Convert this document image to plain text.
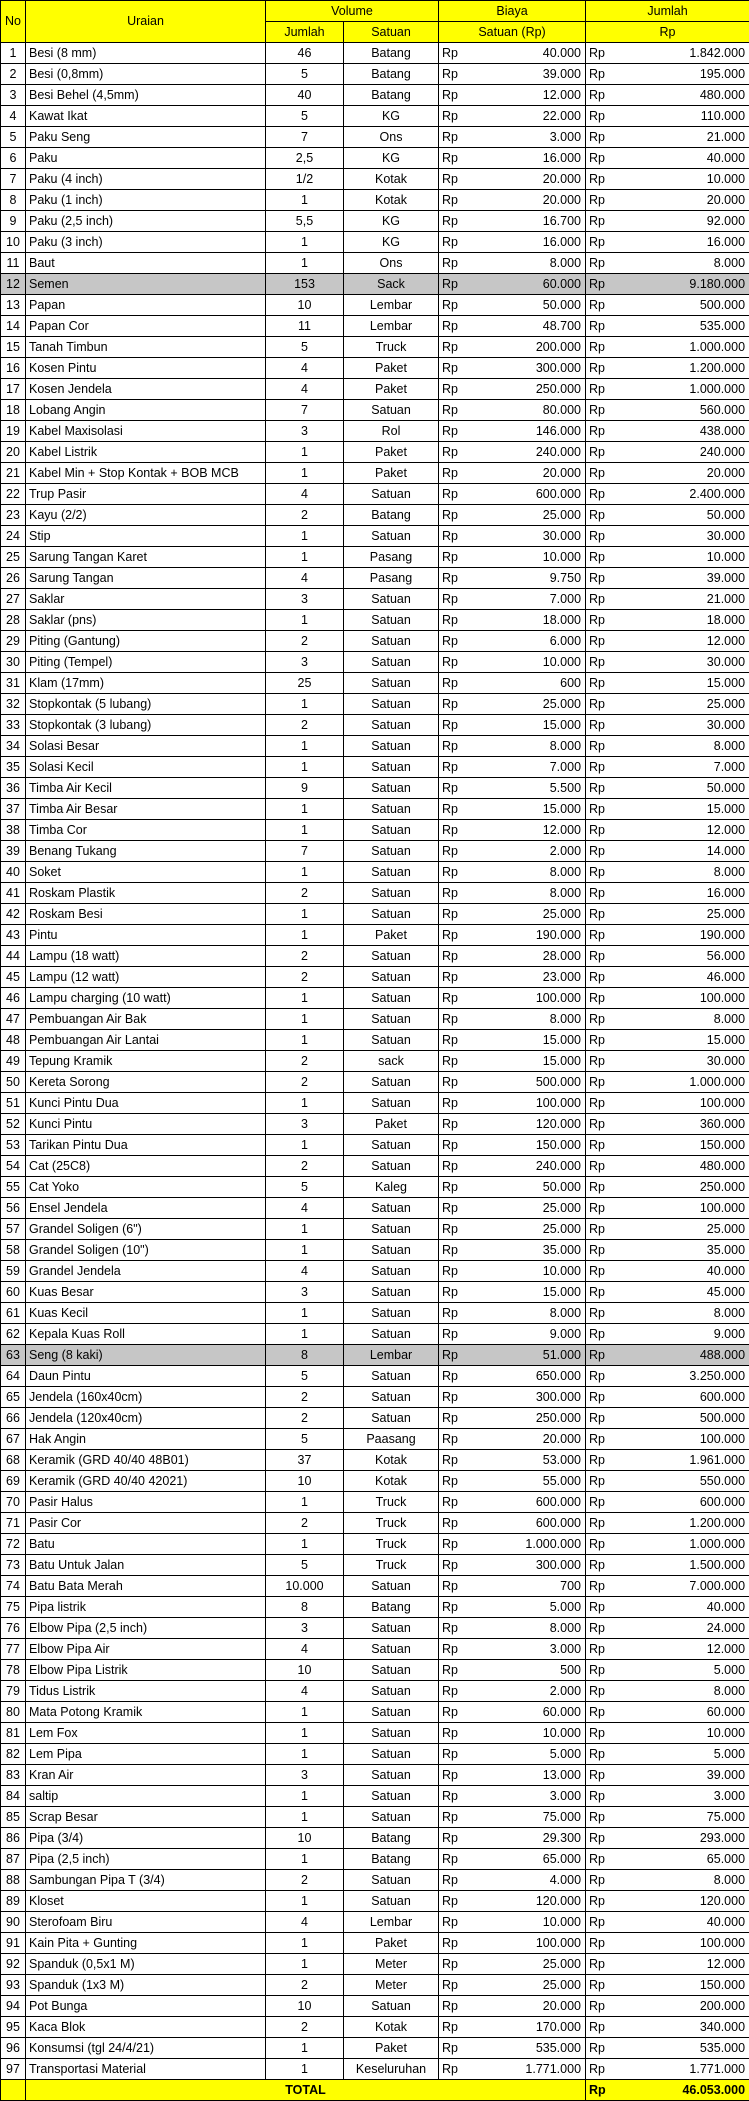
No	Uraian	Volume		Biaya		Jumlah	
		Jumlah	Satuan	Satuan (Rp)		Rp	
1	Besi (8 mm)	46	Batang	Rp	40.000	Rp	1.842.000
2	Besi (0,8mm)	5	Batang	Rp	39.000	Rp	195.000
3	Besi Behel (4,5mm)	40	Batang	Rp	12.000	Rp	480.000
4	Kawat Ikat	5	KG	Rp	22.000	Rp	110.000
5	Paku Seng	7	Ons	Rp	3.000	Rp	21.000
6	Paku	2,5	KG	Rp	16.000	Rp	40.000
7	Paku (4 inch)	1/2	Kotak	Rp	20.000	Rp	10.000
8	Paku (1 inch)	1	Kotak	Rp	20.000	Rp	20.000
9	Paku (2,5 inch)	5,5	KG	Rp	16.700	Rp	92.000
10	Paku (3 inch)	1	KG	Rp	16.000	Rp	16.000
11	Baut	1	Ons	Rp	8.000	Rp	8.000
12	Semen	153	Sack	Rp	60.000	Rp	9.180.000
13	Papan	10	Lembar	Rp	50.000	Rp	500.000
14	Papan Cor	11	Lembar	Rp	48.700	Rp	535.000
15	Tanah Timbun	5	Truck	Rp	200.000	Rp	1.000.000
16	Kosen Pintu	4	Paket	Rp	300.000	Rp	1.200.000
17	Kosen Jendela	4	Paket	Rp	250.000	Rp	1.000.000
18	Lobang Angin	7	Satuan	Rp	80.000	Rp	560.000
19	Kabel Maxisolasi	3	Rol	Rp	146.000	Rp	438.000
20	Kabel Listrik	1	Paket	Rp	240.000	Rp	240.000
21	Kabel Min + Stop Kontak + BOB MCB	1	Paket	Rp	20.000	Rp	20.000
22	Trup Pasir	4	Satuan	Rp	600.000	Rp	2.400.000
23	Kayu (2/2)	2	Batang	Rp	25.000	Rp	50.000
24	Stip	1	Satuan	Rp	30.000	Rp	30.000
25	Sarung Tangan Karet	1	Pasang	Rp	10.000	Rp	10.000
26	Sarung Tangan	4	Pasang	Rp	9.750	Rp	39.000
27	Saklar	3	Satuan	Rp	7.000	Rp	21.000
28	Saklar (pns)	1	Satuan	Rp	18.000	Rp	18.000
29	Piting (Gantung)	2	Satuan	Rp	6.000	Rp	12.000
30	Piting (Tempel)	3	Satuan	Rp	10.000	Rp	30.000
31	Klam (17mm)	25	Satuan	Rp	600	Rp	15.000
32	Stopkontak (5 lubang)	1	Satuan	Rp	25.000	Rp	25.000
33	Stopkontak (3 lubang)	2	Satuan	Rp	15.000	Rp	30.000
34	Solasi Besar	1	Satuan	Rp	8.000	Rp	8.000
35	Solasi Kecil	1	Satuan	Rp	7.000	Rp	7.000
36	Timba Air Kecil	9	Satuan	Rp	5.500	Rp	50.000
37	Timba Air Besar	1	Satuan	Rp	15.000	Rp	15.000
38	Timba Cor	1	Satuan	Rp	12.000	Rp	12.000
39	Benang Tukang	7	Satuan	Rp	2.000	Rp	14.000
40	Soket	1	Satuan	Rp	8.000	Rp	8.000
41	Roskam Plastik	2	Satuan	Rp	8.000	Rp	16.000
42	Roskam Besi	1	Satuan	Rp	25.000	Rp	25.000
43	Pintu	1	Paket	Rp	190.000	Rp	190.000
44	Lampu (18 watt)	2	Satuan	Rp	28.000	Rp	56.000
45	Lampu (12 watt)	2	Satuan	Rp	23.000	Rp	46.000
46	Lampu charging (10 watt)	1	Satuan	Rp	100.000	Rp	100.000
47	Pembuangan Air Bak	1	Satuan	Rp	8.000	Rp	8.000
48	Pembuangan Air Lantai	1	Satuan	Rp	15.000	Rp	15.000
49	Tepung Kramik	2	sack	Rp	15.000	Rp	30.000
50	Kereta Sorong	2	Satuan	Rp	500.000	Rp	1.000.000
51	Kunci Pintu Dua	1	Satuan	Rp	100.000	Rp	100.000
52	Kunci Pintu	3	Paket	Rp	120.000	Rp	360.000
53	Tarikan Pintu Dua	1	Satuan	Rp	150.000	Rp	150.000
54	Cat (25C8)	2	Satuan	Rp	240.000	Rp	480.000
55	Cat Yoko	5	Kaleg	Rp	50.000	Rp	250.000
56	Ensel Jendela	4	Satuan	Rp	25.000	Rp	100.000
57	Grandel Soligen (6")	1	Satuan	Rp	25.000	Rp	25.000
58	Grandel Soligen (10")	1	Satuan	Rp	35.000	Rp	35.000
59	Grandel Jendela	4	Satuan	Rp	10.000	Rp	40.000
60	Kuas Besar	3	Satuan	Rp	15.000	Rp	45.000
61	Kuas Kecil	1	Satuan	Rp	8.000	Rp	8.000
62	Kepala Kuas Roll	1	Satuan	Rp	9.000	Rp	9.000
63	Seng (8 kaki)	8	Lembar	Rp	51.000	Rp	488.000
64	Daun Pintu	5	Satuan	Rp	650.000	Rp	3.250.000
65	Jendela (160x40cm)	2	Satuan	Rp	300.000	Rp	600.000
66	Jendela (120x40cm)	2	Satuan	Rp	250.000	Rp	500.000
67	Hak Angin	5	Paasang	Rp	20.000	Rp	100.000
68	Keramik (GRD 40/40 48B01)	37	Kotak	Rp	53.000	Rp	1.961.000
69	Keramik (GRD 40/40 42021)	10	Kotak	Rp	55.000	Rp	550.000
70	Pasir Halus	1	Truck	Rp	600.000	Rp	600.000
71	Pasir Cor	2	Truck	Rp	600.000	Rp	1.200.000
72	Batu	1	Truck	Rp	1.000.000	Rp	1.000.000
73	Batu Untuk Jalan	5	Truck	Rp	300.000	Rp	1.500.000
74	Batu Bata Merah	10.000	Satuan	Rp	700	Rp	7.000.000
75	Pipa listrik	8	Batang	Rp	5.000	Rp	40.000
76	Elbow Pipa (2,5 inch)	3	Satuan	Rp	8.000	Rp	24.000
77	Elbow Pipa Air	4	Satuan	Rp	3.000	Rp	12.000
78	Elbow Pipa Listrik	10	Satuan	Rp	500	Rp	5.000
79	Tidus Listrik	4	Satuan	Rp	2.000	Rp	8.000
80	Mata Potong Kramik	1	Satuan	Rp	60.000	Rp	60.000
81	Lem Fox	1	Satuan	Rp	10.000	Rp	10.000
82	Lem Pipa	1	Satuan	Rp	5.000	Rp	5.000
83	Kran Air	3	Satuan	Rp	13.000	Rp	39.000
84	saltip	1	Satuan	Rp	3.000	Rp	3.000
85	Scrap Besar	1	Satuan	Rp	75.000	Rp	75.000
86	Pipa (3/4)	10	Batang	Rp	29.300	Rp	293.000
87	Pipa (2,5 inch)	1	Batang	Rp	65.000	Rp	65.000
88	Sambungan Pipa T (3/4)	2	Satuan	Rp	4.000	Rp	8.000
89	Kloset	1	Satuan	Rp	120.000	Rp	120.000
90	Sterofoam Biru	4	Lembar	Rp	10.000	Rp	40.000
91	Kain Pita + Gunting	1	Paket	Rp	100.000	Rp	100.000
92	Spanduk (0,5x1 M)	1	Meter	Rp	25.000	Rp	12.000
93	Spanduk (1x3 M)	2	Meter	Rp	25.000	Rp	150.000
94	Pot Bunga	10	Satuan	Rp	20.000	Rp	200.000
95	Kaca Blok	2	Kotak	Rp	170.000	Rp	340.000
96	Konsumsi (tgl 24/4/21)	1	Paket	Rp	535.000	Rp	535.000
97	Transportasi Material	1	Keseluruhan	Rp	1.771.000	Rp	1.771.000
	TOTAL					Rp	46.053.000
